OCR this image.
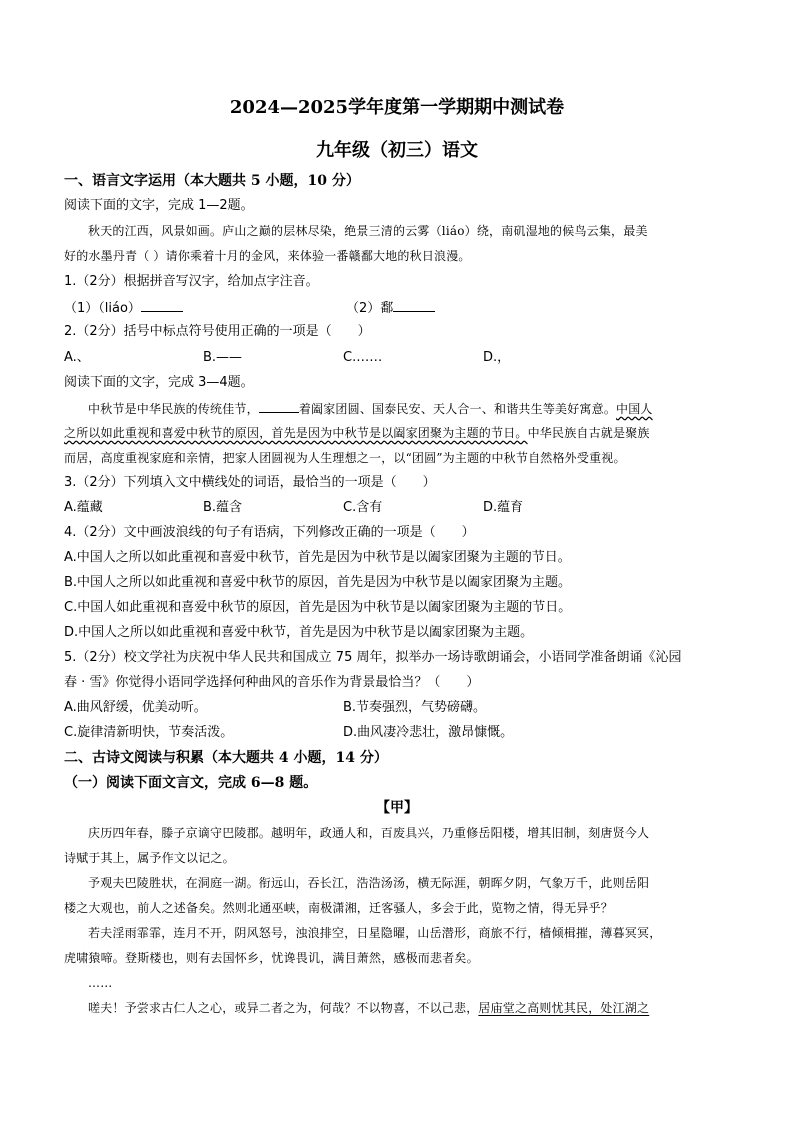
2024—2025学年度第一学期期中测试卷
九年级（初三）语文
一、语言文字运用（本大题共 5 小题，10 分）
阅读下面的文字，完成 1—2题。
秋天的江西，风景如画。庐山之巅的层林尽染，绝景三清的云雾（liáo）绕，南矶湿地的候鸟云集，最美
好的水墨丹青（ ）请你乘着十月的金风，来体验一番赣鄱大地的秋日浪漫。
1.（2分）根据拼音写汉字，给加点字注音。
（1）（liáo）	（2）鄱
2.（2分）括号中标点符号使用正确的一项是（　　）
A.、	B.——	C.……	D.，
阅读下面的文字，完成 3—4题。
中秋节是中华民族的传统佳节，	着阖家团圆、国泰民安、天人合一、和谐共生等美好寓意。中国人
之所以如此重视和喜爱中秋节的原因，首先是因为中秋节是以阖家团聚为主题的节日。中华民族自古就是聚族
而居，高度重视家庭和亲情，把家人团圆视为人生理想之一，以“团圆”为主题的中秋节自然格外受重视。
3.（2分）下列填入文中横线处的词语，最恰当的一项是（　　）
A.蕴藏	B.蕴含	C.含有	D.蕴育
4.（2分）文中画波浪线的句子有语病，下列修改正确的一项是（　　）
A.中国人之所以如此重视和喜爱中秋节，首先是因为中秋节是以阖家团聚为主题的节日。
B.中国人之所以如此重视和喜爱中秋节的原因，首先是因为中秋节是以阖家团聚为主题。
C.中国人如此重视和喜爱中秋节的原因，首先是因为中秋节是以阖家团聚为主题的节日。
D.中国人之所以如此重视和喜爱中秋节，首先是因为中秋节是以阖家团聚为主题。
5.（2分）校文学社为庆祝中华人民共和国成立 75 周年，拟举办一场诗歌朗诵会，小语同学准备朗诵《沁园
春 · 雪》你觉得小语同学选择何种曲风的音乐作为背景最恰当？（　　）
A.曲风舒缓，优美动听。	B.节奏强烈，气势磅礴。
C.旋律清新明快，节奏活泼。	D.曲风凄冷悲壮，激昂慷慨。
二、古诗文阅读与积累（本大题共 4 小题，14 分）
（一）阅读下面文言文，完成 6—8 题。
【甲】
庆历四年春，滕子京谪守巴陵郡。越明年，政通人和，百废具兴，乃重修岳阳楼，增其旧制，刻唐贤今人
诗赋于其上，属予作文以记之。
予观夫巴陵胜状，在洞庭一湖。衔远山，吞长江，浩浩汤汤，横无际涯，朝晖夕阴，气象万千，此则岳阳
楼之大观也，前人之述备矣。然则北通巫峡，南极潇湘，迁客骚人，多会于此，览物之情，得无异乎？
若夫淫雨霏霏，连月不开，阴风怒号，浊浪排空，日星隐曜，山岳潜形，商旅不行，樯倾楫摧，薄暮冥冥，
虎啸猿啼。登斯楼也，则有去国怀乡，忧谗畏讥，满目萧然，感极而悲者矣。
……
嗟夫！予尝求古仁人之心，或异二者之为，何哉？不以物喜，不以己悲，居庙堂之高则忧其民，处江湖之
